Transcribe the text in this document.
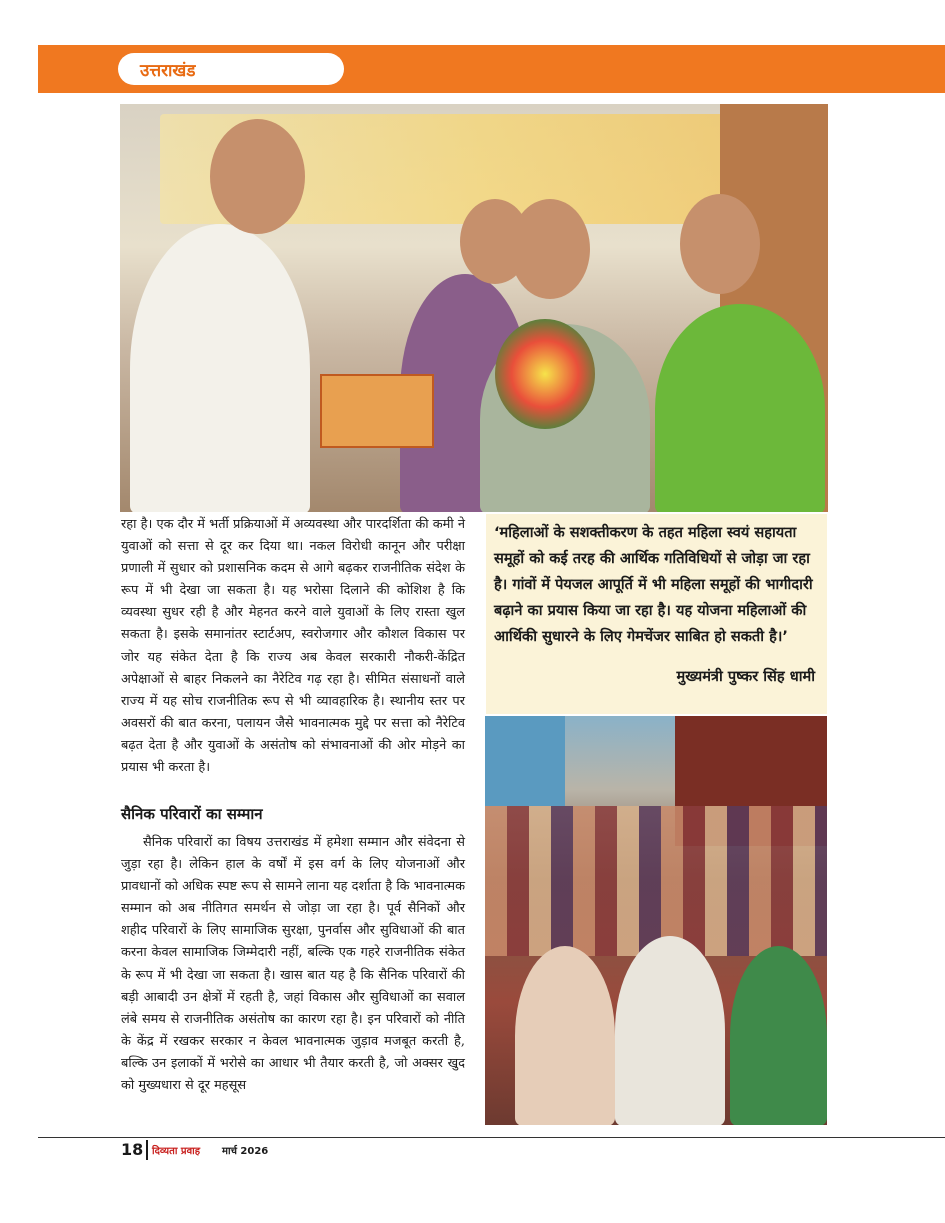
उत्तराखंड
‘महिलाओं के सशक्तीकरण के तहत महिला स्वयं सहायता समूहों को कई तरह की आर्थिक गतिविधियों से जोड़ा जा रहा है। गांवों में पेयजल आपूर्ति में भी महिला समूहों की भागीदारी बढ़ाने का प्रयास किया जा रहा है। यह योजना महिलाओं की आर्थिकी सुधारने के लिए गेमचेंजर साबित हो सकती है।’
मुख्यमंत्री पुष्कर सिंह धामी
रहा है। एक दौर में भर्ती प्रक्रियाओं में अव्यवस्था और पारदर्शिता की कमी ने युवाओं को सत्ता से दूर कर दिया था। नकल विरोधी कानून और परीक्षा प्रणाली में सुधार को प्रशासनिक कदम से आगे बढ़कर राजनीतिक संदेश के रूप में भी देखा जा सकता है। यह भरोसा दिलाने की कोशिश है कि व्यवस्था सुधर रही है और मेहनत करने वाले युवाओं के लिए रास्ता खुल सकता है। इसके समानांतर स्टार्टअप, स्वरोजगार और कौशल विकास पर जोर यह संकेत देता है कि राज्य अब केवल सरकारी नौकरी-केंद्रित अपेक्षाओं से बाहर निकलने का नैरेटिव गढ़ रहा है। सीमित संसाधनों वाले राज्य में यह सोच राजनीतिक रूप से भी व्यावहारिक है। स्थानीय स्तर पर अवसरों की बात करना, पलायन जैसे भावनात्मक मुद्दे पर सत्ता को नैरेटिव बढ़त देता है और युवाओं के असंतोष को संभावनाओं की ओर मोड़ने का प्रयास भी करता है।
सैनिक परिवारों का सम्मान
सैनिक परिवारों का विषय उत्तराखंड में हमेशा सम्मान और संवेदना से जुड़ा रहा है। लेकिन हाल के वर्षों में इस वर्ग के लिए योजनाओं और प्रावधानों को अधिक स्पष्ट रूप से सामने लाना यह दर्शाता है कि भावनात्मक सम्मान को अब नीतिगत समर्थन से जोड़ा जा रहा है। पूर्व सैनिकों और शहीद परिवारों के लिए सामाजिक सुरक्षा, पुनर्वास और सुविधाओं की बात करना केवल सामाजिक जिम्मेदारी नहीं, बल्कि एक गहरे राजनीतिक संकेत के रूप में भी देखा जा सकता है। खास बात यह है कि सैनिक परिवारों की बड़ी आबादी उन क्षेत्रों में रहती है, जहां विकास और सुविधाओं का सवाल लंबे समय से राजनीतिक असंतोष का कारण रहा है। इन परिवारों को नीति के केंद्र में रखकर सरकार न केवल भावनात्मक जुड़ाव मजबूत करती है, बल्कि उन इलाकों में भरोसे का आधार भी तैयार करती है, जो अक्सर खुद को मुख्यधारा से दूर महसूस
18 दिव्यता प्रवाह मार्च 2026
